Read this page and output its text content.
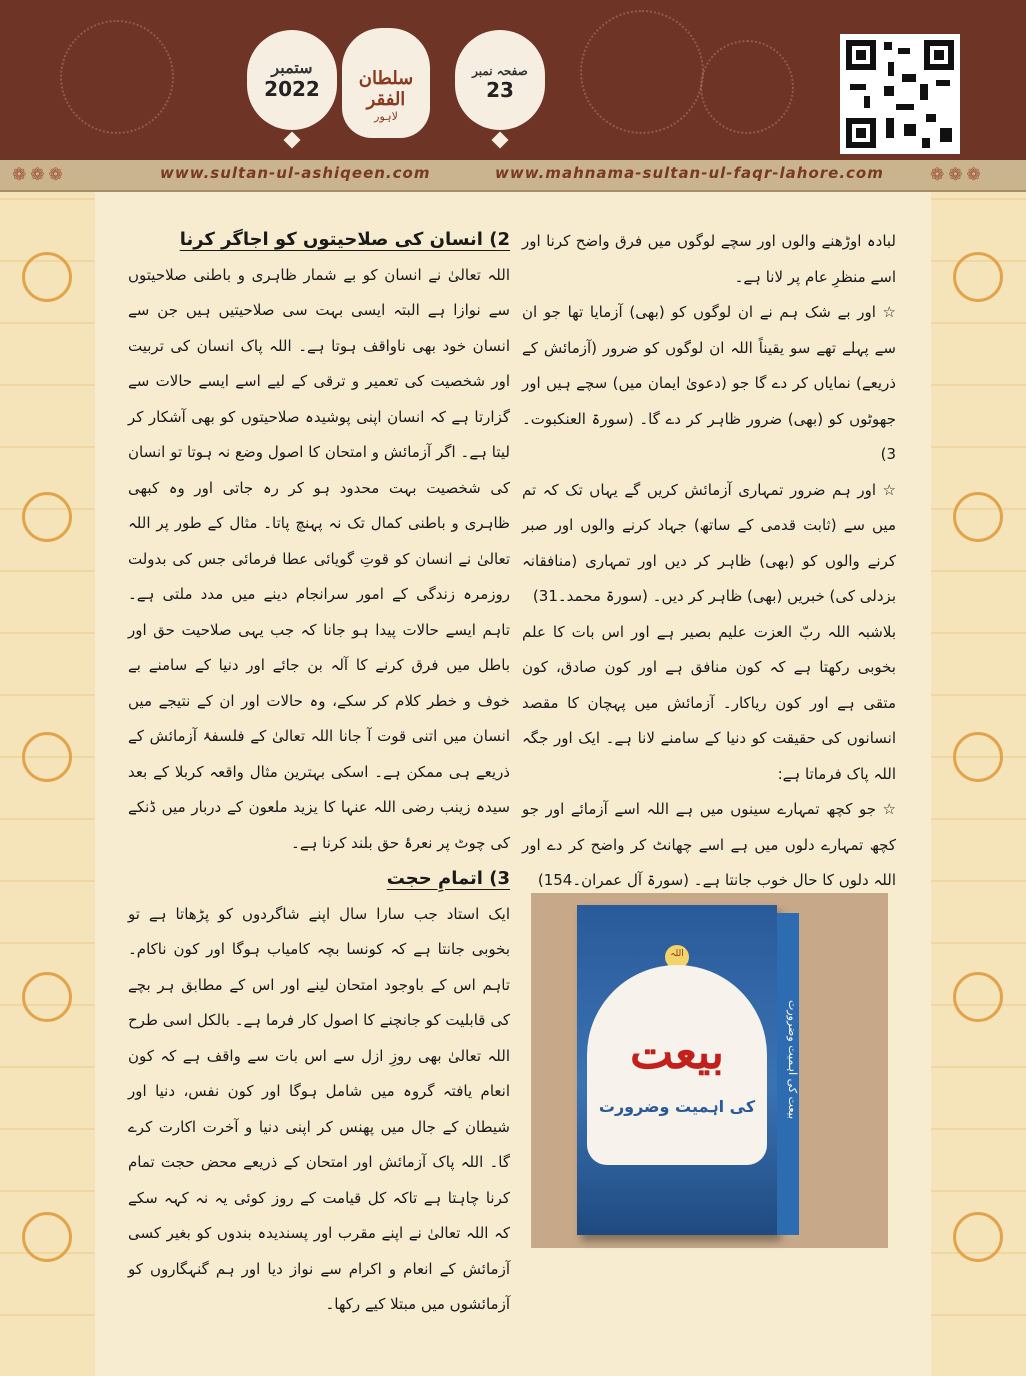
ستمبر
2022	سلطان الفقر
لاہور
صفحہ نمبر
23
❁❁❁	www.sultan-ul-ashiqeen.com	www.mahnama-sultan-ul-faqr-lahore.com	❁❁❁

لبادہ اوڑھنے والوں اور سچے لوگوں میں فرق واضح کرنا اور اسے منظرِ عام پر لانا ہے۔

☆ اور بے شک ہم نے ان لوگوں کو (بھی) آزمایا تھا جو ان سے پہلے تھے سو یقیناً اللہ ان لوگوں کو ضرور (آزمائش کے ذریعے) نمایاں کر دے گا جو (دعویٰ ایمان میں) سچے ہیں اور جھوٹوں کو (بھی) ضرور ظاہر کر دے گا۔ (سورۃ العنکبوت۔3)

☆ اور ہم ضرور تمہاری آزمائش کریں گے یہاں تک کہ تم میں سے (ثابت قدمی کے ساتھ) جہاد کرنے والوں اور صبر کرنے والوں کو (بھی) ظاہر کر دیں اور تمہاری (منافقانہ بزدلی کی) خبریں (بھی) ظاہر کر دیں۔ (سورۃ محمد۔31)

بلاشبہ اللہ ربّ العزت علیم بصیر ہے اور اس بات کا علم بخوبی رکھتا ہے کہ کون منافق ہے اور کون صادق، کون متقی ہے اور کون ریاکار۔ آزمائش میں پہچان کا مقصد انسانوں کی حقیقت کو دنیا کے سامنے لانا ہے۔ ایک اور جگہ اللہ پاک فرماتا ہے:

☆ جو کچھ تمہارے سینوں میں ہے اللہ اسے آزمائے اور جو کچھ تمہارے دلوں میں ہے اسے چھانٹ کر واضح کر دے اور اللہ دلوں کا حال خوب جانتا ہے۔ (سورۃ آل عمران۔154)

2) انسان کی صلاحیتوں کو اجاگر کرنا

اللہ تعالیٰ نے انسان کو بے شمار ظاہری و باطنی صلاحیتوں سے نوازا ہے البتہ ایسی بہت سی صلاحیتیں ہیں جن سے انسان خود بھی ناواقف ہوتا ہے۔ اللہ پاک انسان کی تربیت اور شخصیت کی تعمیر و ترقی کے لیے اسے ایسے حالات سے گزارتا ہے کہ انسان اپنی پوشیدہ صلاحیتوں کو بھی آشکار کر لیتا ہے۔ اگر آزمائش و امتحان کا اصول وضع نہ ہوتا تو انسان کی شخصیت بہت محدود ہو کر رہ جاتی اور وہ کبھی ظاہری و باطنی کمال تک نہ پہنچ پاتا۔ مثال کے طور پر اللہ تعالیٰ نے انسان کو قوتِ گویائی عطا فرمائی جس کی بدولت روزمرہ زندگی کے امور سرانجام دینے میں مدد ملتی ہے۔ تاہم ایسے حالات پیدا ہو جانا کہ جب یہی صلاحیت حق اور باطل میں فرق کرنے کا آلہ بن جائے اور دنیا کے سامنے بے خوف و خطر کلام کر سکے، وہ حالات اور ان کے نتیجے میں انسان میں اتنی قوت آ جانا اللہ تعالیٰ کے فلسفۂ آزمائش کے ذریعے ہی ممکن ہے۔ اسکی بہترین مثال واقعہ کربلا کے بعد سیدہ زینب رضی اللہ عنہا کا یزید ملعون کے دربار میں ڈنکے کی چوٹ پر نعرۂ حق بلند کرنا ہے۔

3) اتمامِ حجت

ایک استاد جب سارا سال اپنے شاگردوں کو پڑھاتا ہے تو بخوبی جانتا ہے کہ کونسا بچہ کامیاب ہوگا اور کون ناکام۔ تاہم اس کے باوجود امتحان لینے اور اس کے مطابق ہر بچے کی قابلیت کو جانچنے کا اصول کار فرما ہے۔ بالکل اسی طرح اللہ تعالیٰ بھی روزِ ازل سے اس بات سے واقف ہے کہ کون انعام یافتہ گروہ میں شامل ہوگا اور کون نفس، دنیا اور شیطان کے جال میں پھنس کر اپنی دنیا و آخرت اکارت کرے گا۔ اللہ پاک آزمائش اور امتحان کے ذریعے محض حجت تمام کرنا چاہتا ہے تاکہ کل قیامت کے روز کوئی یہ نہ کہہ سکے کہ اللہ تعالیٰ نے اپنے مقرب اور پسندیدہ بندوں کو بغیر کسی آزمائش کے انعام و اکرام سے نواز دیا اور ہم گنہگاروں کو آزمائشوں میں مبتلا کیے رکھا۔

اللہ
بیعت
کی اہمیت وضرورت	بیعت کی اہمیت وضرورت
